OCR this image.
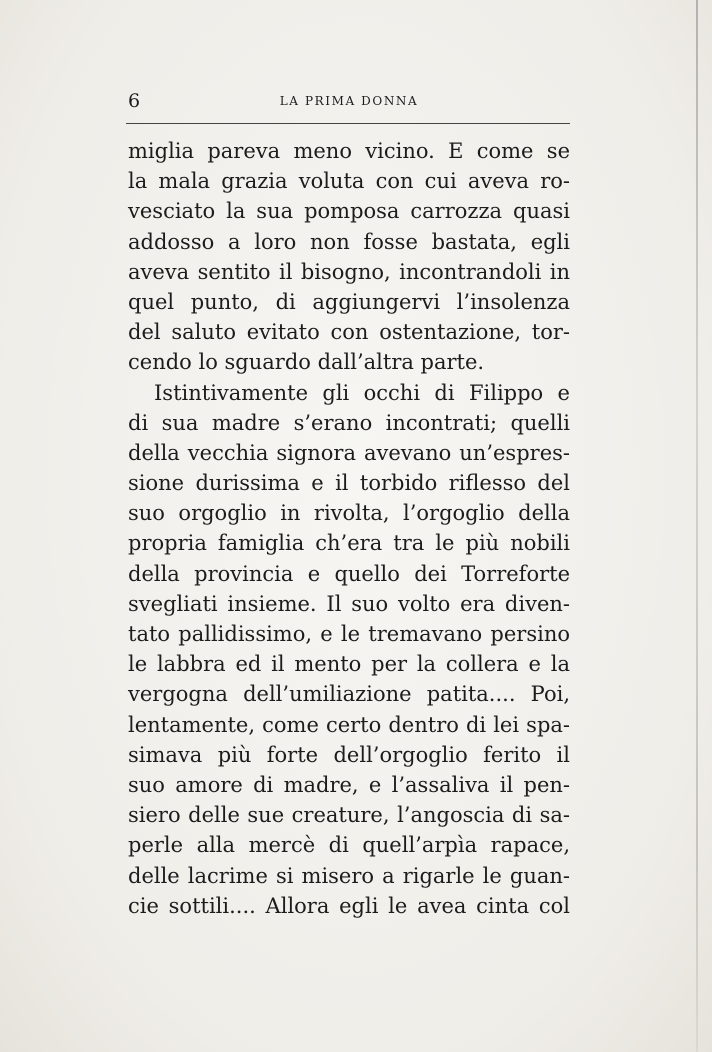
6	LA PRIMA DONNA
miglia pareva meno vicino. E come se
la mala grazia voluta con cui aveva ro-
vesciato la sua pomposa carrozza quasi
addosso a loro non fosse bastata, egli
aveva sentito il bisogno, incontrandoli in
quel punto, di aggiungervi l’insolenza
del saluto evitato con ostentazione, tor-
cendo lo sguardo dall’altra parte.
Istintivamente gli occhi di Filippo e
di sua madre s’erano incontrati; quelli
della vecchia signora avevano un’espres-
sione durissima e il torbido riflesso del
suo orgoglio in rivolta, l’orgoglio della
propria famiglia ch’era tra le più nobili
della provincia e quello dei Torreforte
svegliati insieme. Il suo volto era diven-
tato pallidissimo, e le tremavano persino
le labbra ed il mento per la collera e la
vergogna dell’umiliazione patita.... Poi,
lentamente, come certo dentro di lei spa-
simava più forte dell’orgoglio ferito il
suo amore di madre, e l’assaliva il pen-
siero delle sue creature, l’angoscia di sa-
perle alla mercè di quell’arpìa rapace,
delle lacrime si misero a rigarle le guan-
cie sottili.... Allora egli le avea cinta col
